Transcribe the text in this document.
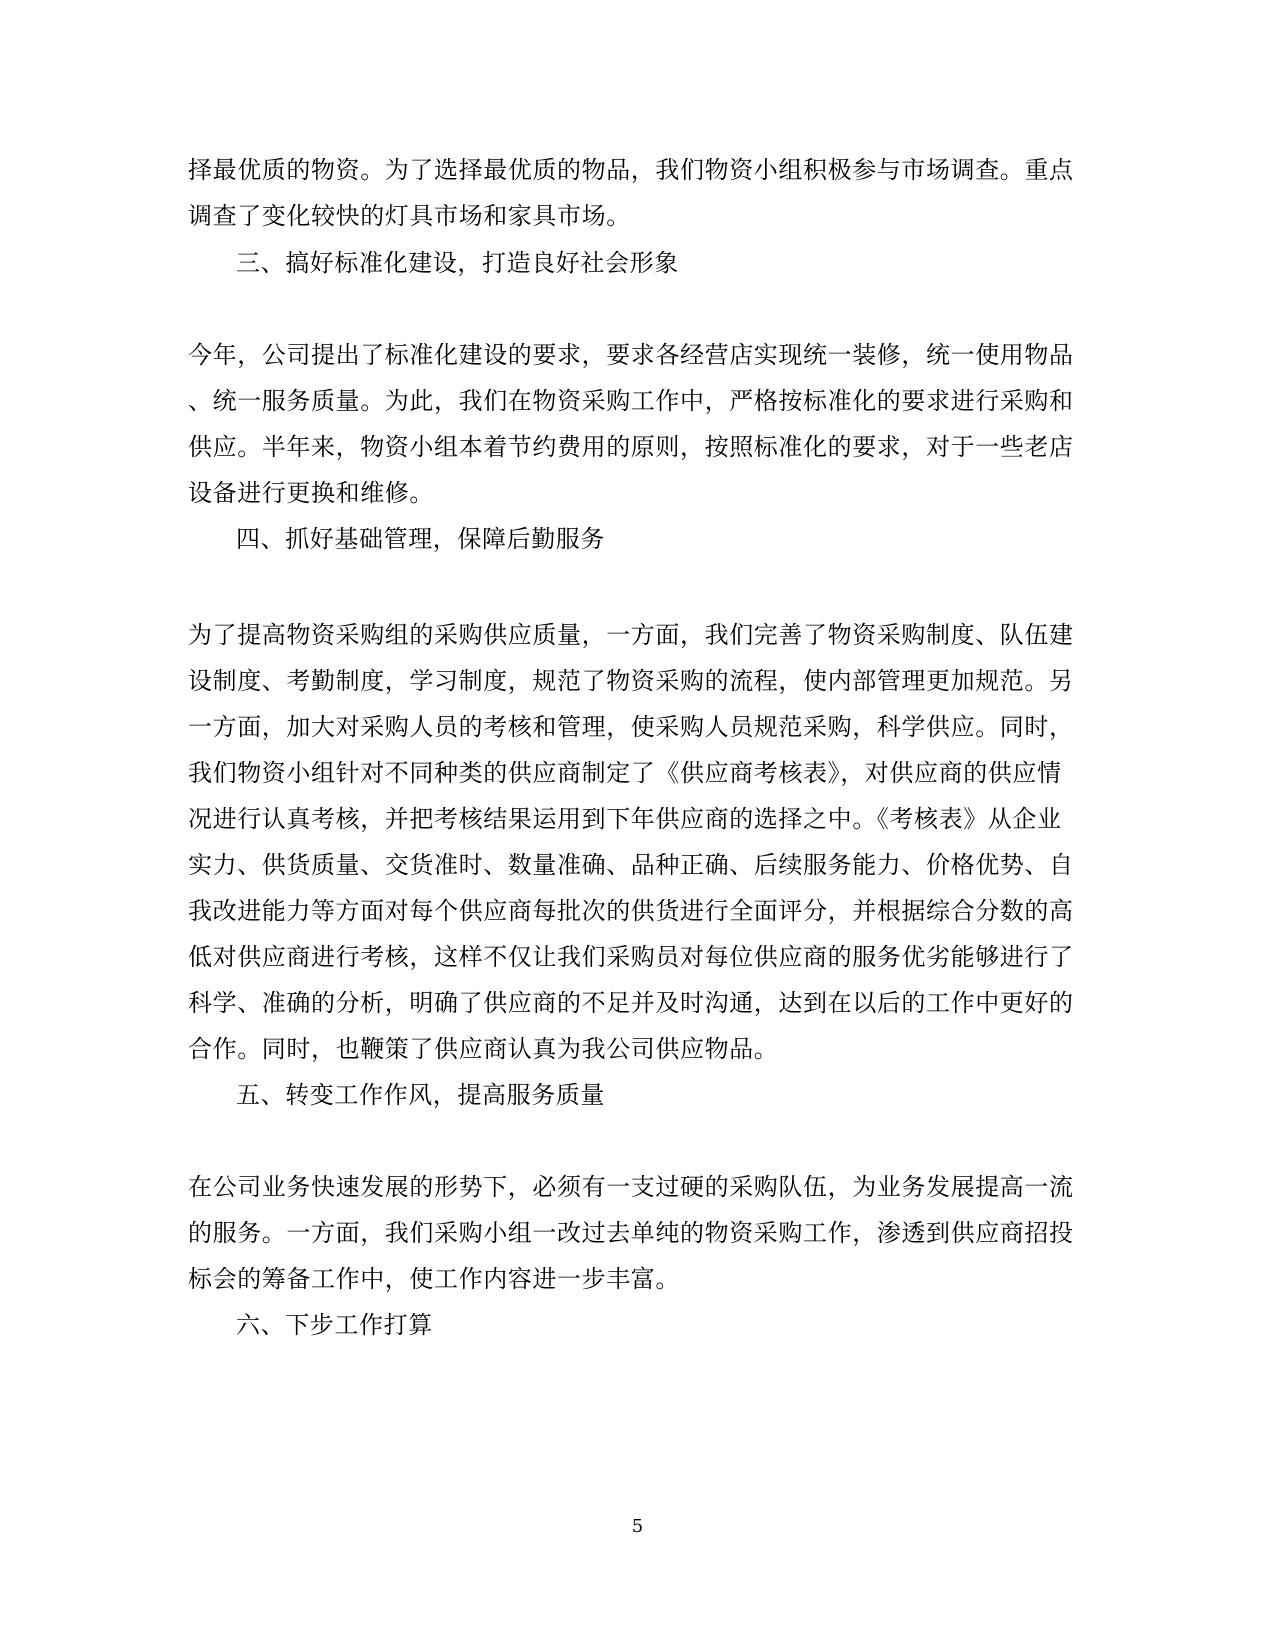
择最优质的物资。为了选择最优质的物品，我们物资小组积极参与市场调查。重点
调查了变化较快的灯具市场和家具市场。
三、搞好标准化建设，打造良好社会形象
今年，公司提出了标准化建设的要求，要求各经营店实现统一装修，统一使用物品
、统一服务质量。为此，我们在物资采购工作中，严格按标准化的要求进行采购和
供应。半年来，物资小组本着节约费用的原则，按照标准化的要求，对于一些老店
设备进行更换和维修。
四、抓好基础管理，保障后勤服务
为了提高物资采购组的采购供应质量，一方面，我们完善了物资采购制度、队伍建
设制度、考勤制度，学习制度，规范了物资采购的流程，使内部管理更加规范。另
一方面，加大对采购人员的考核和管理，使采购人员规范采购，科学供应。同时，
我们物资小组针对不同种类的供应商制定了《供应商考核表》，对供应商的供应情
况进行认真考核，并把考核结果运用到下年供应商的选择之中。《考核表》从企业
实力、供货质量、交货准时、数量准确、品种正确、后续服务能力、价格优势、自
我改进能力等方面对每个供应商每批次的供货进行全面评分，并根据综合分数的高
低对供应商进行考核，这样不仅让我们采购员对每位供应商的服务优劣能够进行了
科学、准确的分析，明确了供应商的不足并及时沟通，达到在以后的工作中更好的
合作。同时，也鞭策了供应商认真为我公司供应物品。
五、转变工作作风，提高服务质量
在公司业务快速发展的形势下，必须有一支过硬的采购队伍，为业务发展提高一流
的服务。一方面，我们采购小组一改过去单纯的物资采购工作，渗透到供应商招投
标会的筹备工作中，使工作内容进一步丰富。
六、下步工作打算
5
